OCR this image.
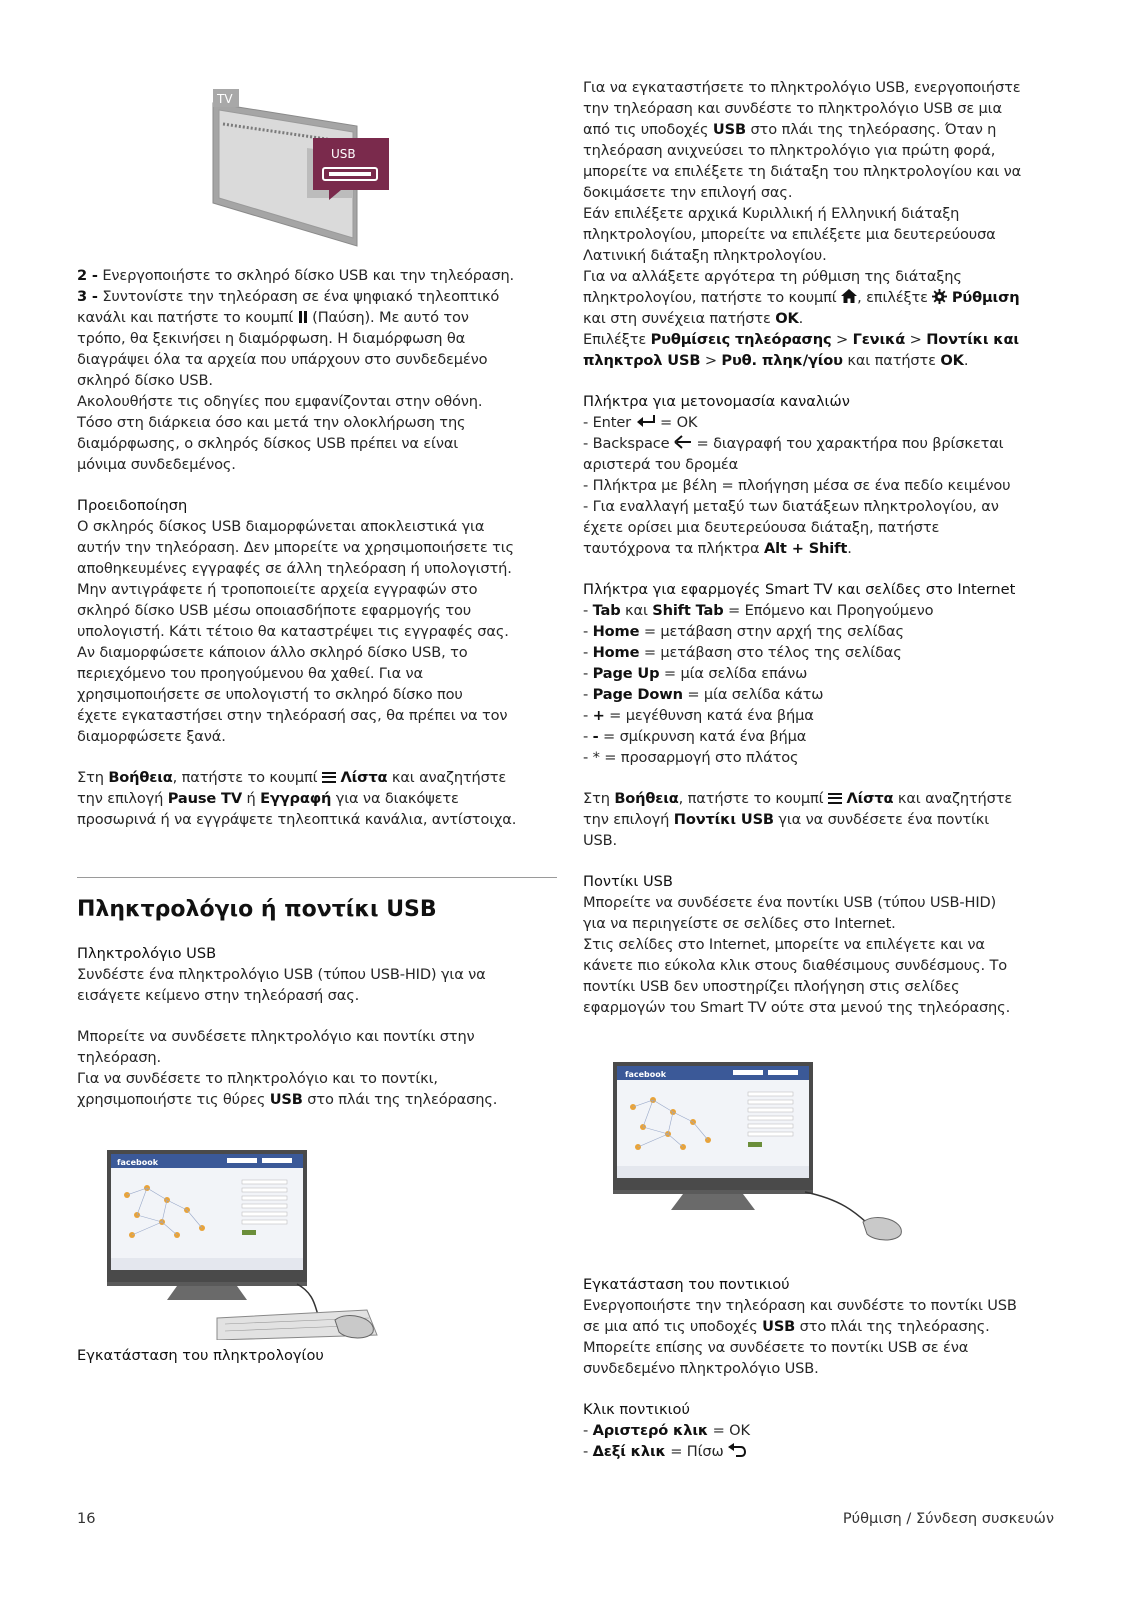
TV
USB

2 - Ενεργοποιήστε το σκληρό δίσκο USB και την τηλεόραση.

3 - Συντονίστε την τηλεόραση σε ένα ψηφιακό τηλεοπτικό

κανάλι και πατήστε το κουμπί (Παύση). Με αυτό τον

τρόπο, θα ξεκινήσει η διαμόρφωση. Η διαμόρφωση θα

διαγράψει όλα τα αρχεία που υπάρχουν στο συνδεδεμένο

σκληρό δίσκο USB.

Ακολουθήστε τις οδηγίες που εμφανίζονται στην οθόνη.

Τόσο στη διάρκεια όσο και μετά την ολοκλήρωση της

διαμόρφωσης, ο σκληρός δίσκος USB πρέπει να είναι

μόνιμα συνδεδεμένος.

Προειδοποίηση

Ο σκληρός δίσκος USB διαμορφώνεται αποκλειστικά για

αυτήν την τηλεόραση. Δεν μπορείτε να χρησιμοποιήσετε τις

αποθηκευμένες εγγραφές σε άλλη τηλεόραση ή υπολογιστή.

Μην αντιγράφετε ή τροποποιείτε αρχεία εγγραφών στο

σκληρό δίσκο USB μέσω οποιασδήποτε εφαρμογής του

υπολογιστή. Κάτι τέτοιο θα καταστρέψει τις εγγραφές σας.

Αν διαμορφώσετε κάποιον άλλο σκληρό δίσκο USB, το

περιεχόμενο του προηγούμενου θα χαθεί. Για να

χρησιμοποιήσετε σε υπολογιστή το σκληρό δίσκο που

έχετε εγκαταστήσει στην τηλεόρασή σας, θα πρέπει να τον

διαμορφώσετε ξανά.

Στη Βοήθεια, πατήστε το κουμπί Λίστα και αναζητήστε

την επιλογή Pause TV ή Εγγραφή για να διακόψετε

προσωρινά ή να εγγράψετε τηλεοπτικά κανάλια, αντίστοιχα.

Πληκτρολόγιο ή ποντίκι USB

Πληκτρολόγιο USB

Συνδέστε ένα πληκτρολόγιο USB (τύπου USB-HID) για να

εισάγετε κείμενο στην τηλεόρασή σας.

Μπορείτε να συνδέσετε πληκτρολόγιο και ποντίκι στην

τηλεόραση.

Για να συνδέσετε το πληκτρολόγιο και το ποντίκι,

χρησιμοποιήστε τις θύρες USB στο πλάι της τηλεόρασης.

facebook

Εγκατάσταση του πληκτρολογίου

Για να εγκαταστήσετε το πληκτρολόγιο USB, ενεργοποιήστε

την τηλεόραση και συνδέστε το πληκτρολόγιο USB σε μια

από τις υποδοχές USB στο πλάι της τηλεόρασης. Όταν η

τηλεόραση ανιχνεύσει το πληκτρολόγιο για πρώτη φορά,

μπορείτε να επιλέξετε τη διάταξη του πληκτρολογίου και να

δοκιμάσετε την επιλογή σας.

Εάν επιλέξετε αρχικά Κυριλλική ή Ελληνική διάταξη

πληκτρολογίου, μπορείτε να επιλέξετε μια δευτερεύουσα

Λατινική διάταξη πληκτρολογίου.

Για να αλλάξετε αργότερα τη ρύθμιση της διάταξης

πληκτρολογίου, πατήστε το κουμπί , επιλέξτε Ρύθμιση

και στη συνέχεια πατήστε OK.

Επιλέξτε Ρυθμίσεις τηλεόρασης > Γενικά > Ποντίκι και

πληκτρολ USB > Ρυθ. πληκ/γίου και πατήστε OK.

Πλήκτρα για μετονομασία καναλιών

- Enter = OK

- Backspace = διαγραφή του χαρακτήρα που βρίσκεται

αριστερά του δρομέα

- Πλήκτρα με βέλη = πλοήγηση μέσα σε ένα πεδίο κειμένου

- Για εναλλαγή μεταξύ των διατάξεων πληκτρολογίου, αν

έχετε ορίσει μια δευτερεύουσα διάταξη, πατήστε

ταυτόχρονα τα πλήκτρα Alt + Shift.

Πλήκτρα για εφαρμογές Smart TV και σελίδες στο Internet

- Tab και Shift Tab = Επόμενο και Προηγούμενο

- Home = μετάβαση στην αρχή της σελίδας

- Home = μετάβαση στο τέλος της σελίδας

- Page Up = μία σελίδα επάνω

- Page Down = μία σελίδα κάτω

- + = μεγέθυνση κατά ένα βήμα

- - = σμίκρυνση κατά ένα βήμα

- * = προσαρμογή στο πλάτος

Στη Βοήθεια, πατήστε το κουμπί Λίστα και αναζητήστε

την επιλογή Ποντίκι USB για να συνδέσετε ένα ποντίκι

USB.

Ποντίκι USB

Μπορείτε να συνδέσετε ένα ποντίκι USB (τύπου USB-HID)

για να περιηγείστε σε σελίδες στο Internet.

Στις σελίδες στο Internet, μπορείτε να επιλέγετε και να

κάνετε πιο εύκολα κλικ στους διαθέσιμους συνδέσμους. Το

ποντίκι USB δεν υποστηρίζει πλοήγηση στις σελίδες

εφαρμογών του Smart TV ούτε στα μενού της τηλεόρασης.

facebook

Εγκατάσταση του ποντικιού

Ενεργοποιήστε την τηλεόραση και συνδέστε το ποντίκι USB

σε μια από τις υποδοχές USB στο πλάι της τηλεόρασης.

Μπορείτε επίσης να συνδέσετε το ποντίκι USB σε ένα

συνδεδεμένο πληκτρολόγιο USB.

Κλικ ποντικιού

- Αριστερό κλικ = OK

- Δεξί κλικ = Πίσω

16	Ρύθμιση / Σύνδεση συσκευών
